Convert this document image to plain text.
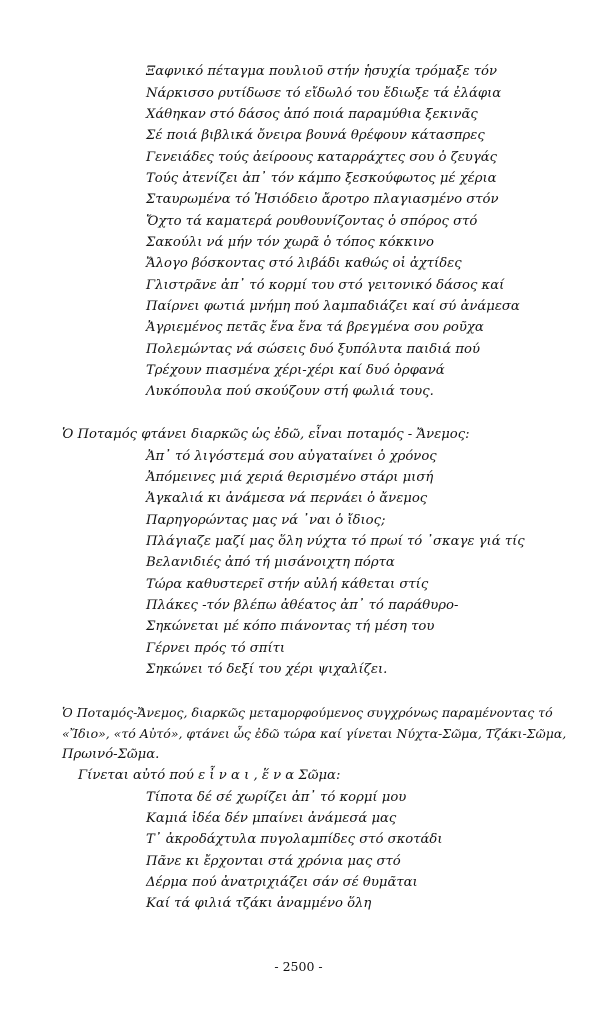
Ξαφνικό πέταγμα πουλιοῦ στήν ἡσυχία τρόμαξε τόν
Νάρκισσο ρυτίδωσε τό εἴδωλό του ἔδιωξε τά ἐλάφια
Χάθηκαν στό δάσος ἀπό ποιά παραμύθια ξεκινᾶς
Σέ ποιά βιβλικά ὄνειρα βουνά θρέφουν κάτασπρες
Γενειάδες τούς ἀείροους καταρράχτες σου ὁ ζευγάς
Τούς ἀτενίζει ἀπ᾽ τόν κάμπο ξεσκούφωτος μέ χέρια
Σταυρωμένα τό Ἡσιόδειο ἄροτρο πλαγιασμένο στόν
Ὄχτο τά καματερά ρουθουνίζοντας ὁ σπόρος στό
Σακούλι νά μήν τόν χωρᾶ ὁ τόπος κόκκινο
Ἄλογο βόσκοντας στό λιβάδι καθώς οἱ ἀχτίδες
Γλιστρᾶνε ἀπ᾽ τό κορμί του στό γειτονικό δάσος καί
Παίρνει φωτιά μνήμη πού λαμπαδιάζει καί σύ ἀνάμεσα
Ἀγριεμένος πετᾶς ἕνα ἕνα τά βρεγμένα σου ροῦχα
Πολεμώντας νά σώσεις δυό ξυπόλυτα παιδιά πού
Τρέχουν πιασμένα χέρι-χέρι καί δυό ὀρφανά
Λυκόπουλα πού σκούζουν στή φωλιά τους.
Ὁ Ποταμός φτάνει διαρκῶς ὡς ἐδῶ, εἶναι ποταμός - Ἄνεμος:
Ἀπ᾽ τό λιγόστεμά σου αὐγαταίνει ὁ χρόνος
Ἀπόμεινες μιά χεριά θερισμένο στάρι μισή
Ἀγκαλιά κι ἀνάμεσα νά περνάει ὁ ἄνεμος
Παρηγορώντας μας νά ᾽ναι ὁ ἴδιος;
Πλάγιαζε μαζί μας ὅλη νύχτα τό πρωί τό ᾽σκαγε γιά τίς
Βελανιδιές ἀπό τή μισάνοιχτη πόρτα
Τώρα καθυστερεῖ στήν αὐλή κάθεται στίς
Πλάκες -τόν βλέπω ἀθέατος ἀπ᾽ τό παράθυρο-
Σηκώνεται μέ κόπο πιάνοντας τή μέση του
Γέρνει πρός τό σπίτι
Σηκώνει τό δεξί του χέρι ψιχαλίζει.
Ὁ Ποταμός-Ἄνεμος, διαρκῶς μεταμορφούμενος συγχρόνως παραμένοντας τό
«Ἴδιο», «τό Αὐτό», φτάνει ὧς ἐδῶ τώρα καί γίνεται Νύχτα-Σῶμα, Τζάκι-Σῶμα,
Πρωινό-Σῶμα.
Γίνεται αὐτό πού ε ἶ ν α ι , ἕ ν α Σῶμα:
Τίποτα δέ σέ χωρίζει ἀπ᾽ τό κορμί μου
Καμιά ἰδέα δέν μπαίνει ἀνάμεσά μας
Τ᾽ ἀκροδάχτυλα πυγολαμπίδες στό σκοτάδι
Πᾶνε κι ἔρχονται στά χρόνια μας στό
Δέρμα πού ἀνατριχιάζει σάν σέ θυμᾶται
Καί τά φιλιά τζάκι ἀναμμένο ὅλη
- 2500 -
